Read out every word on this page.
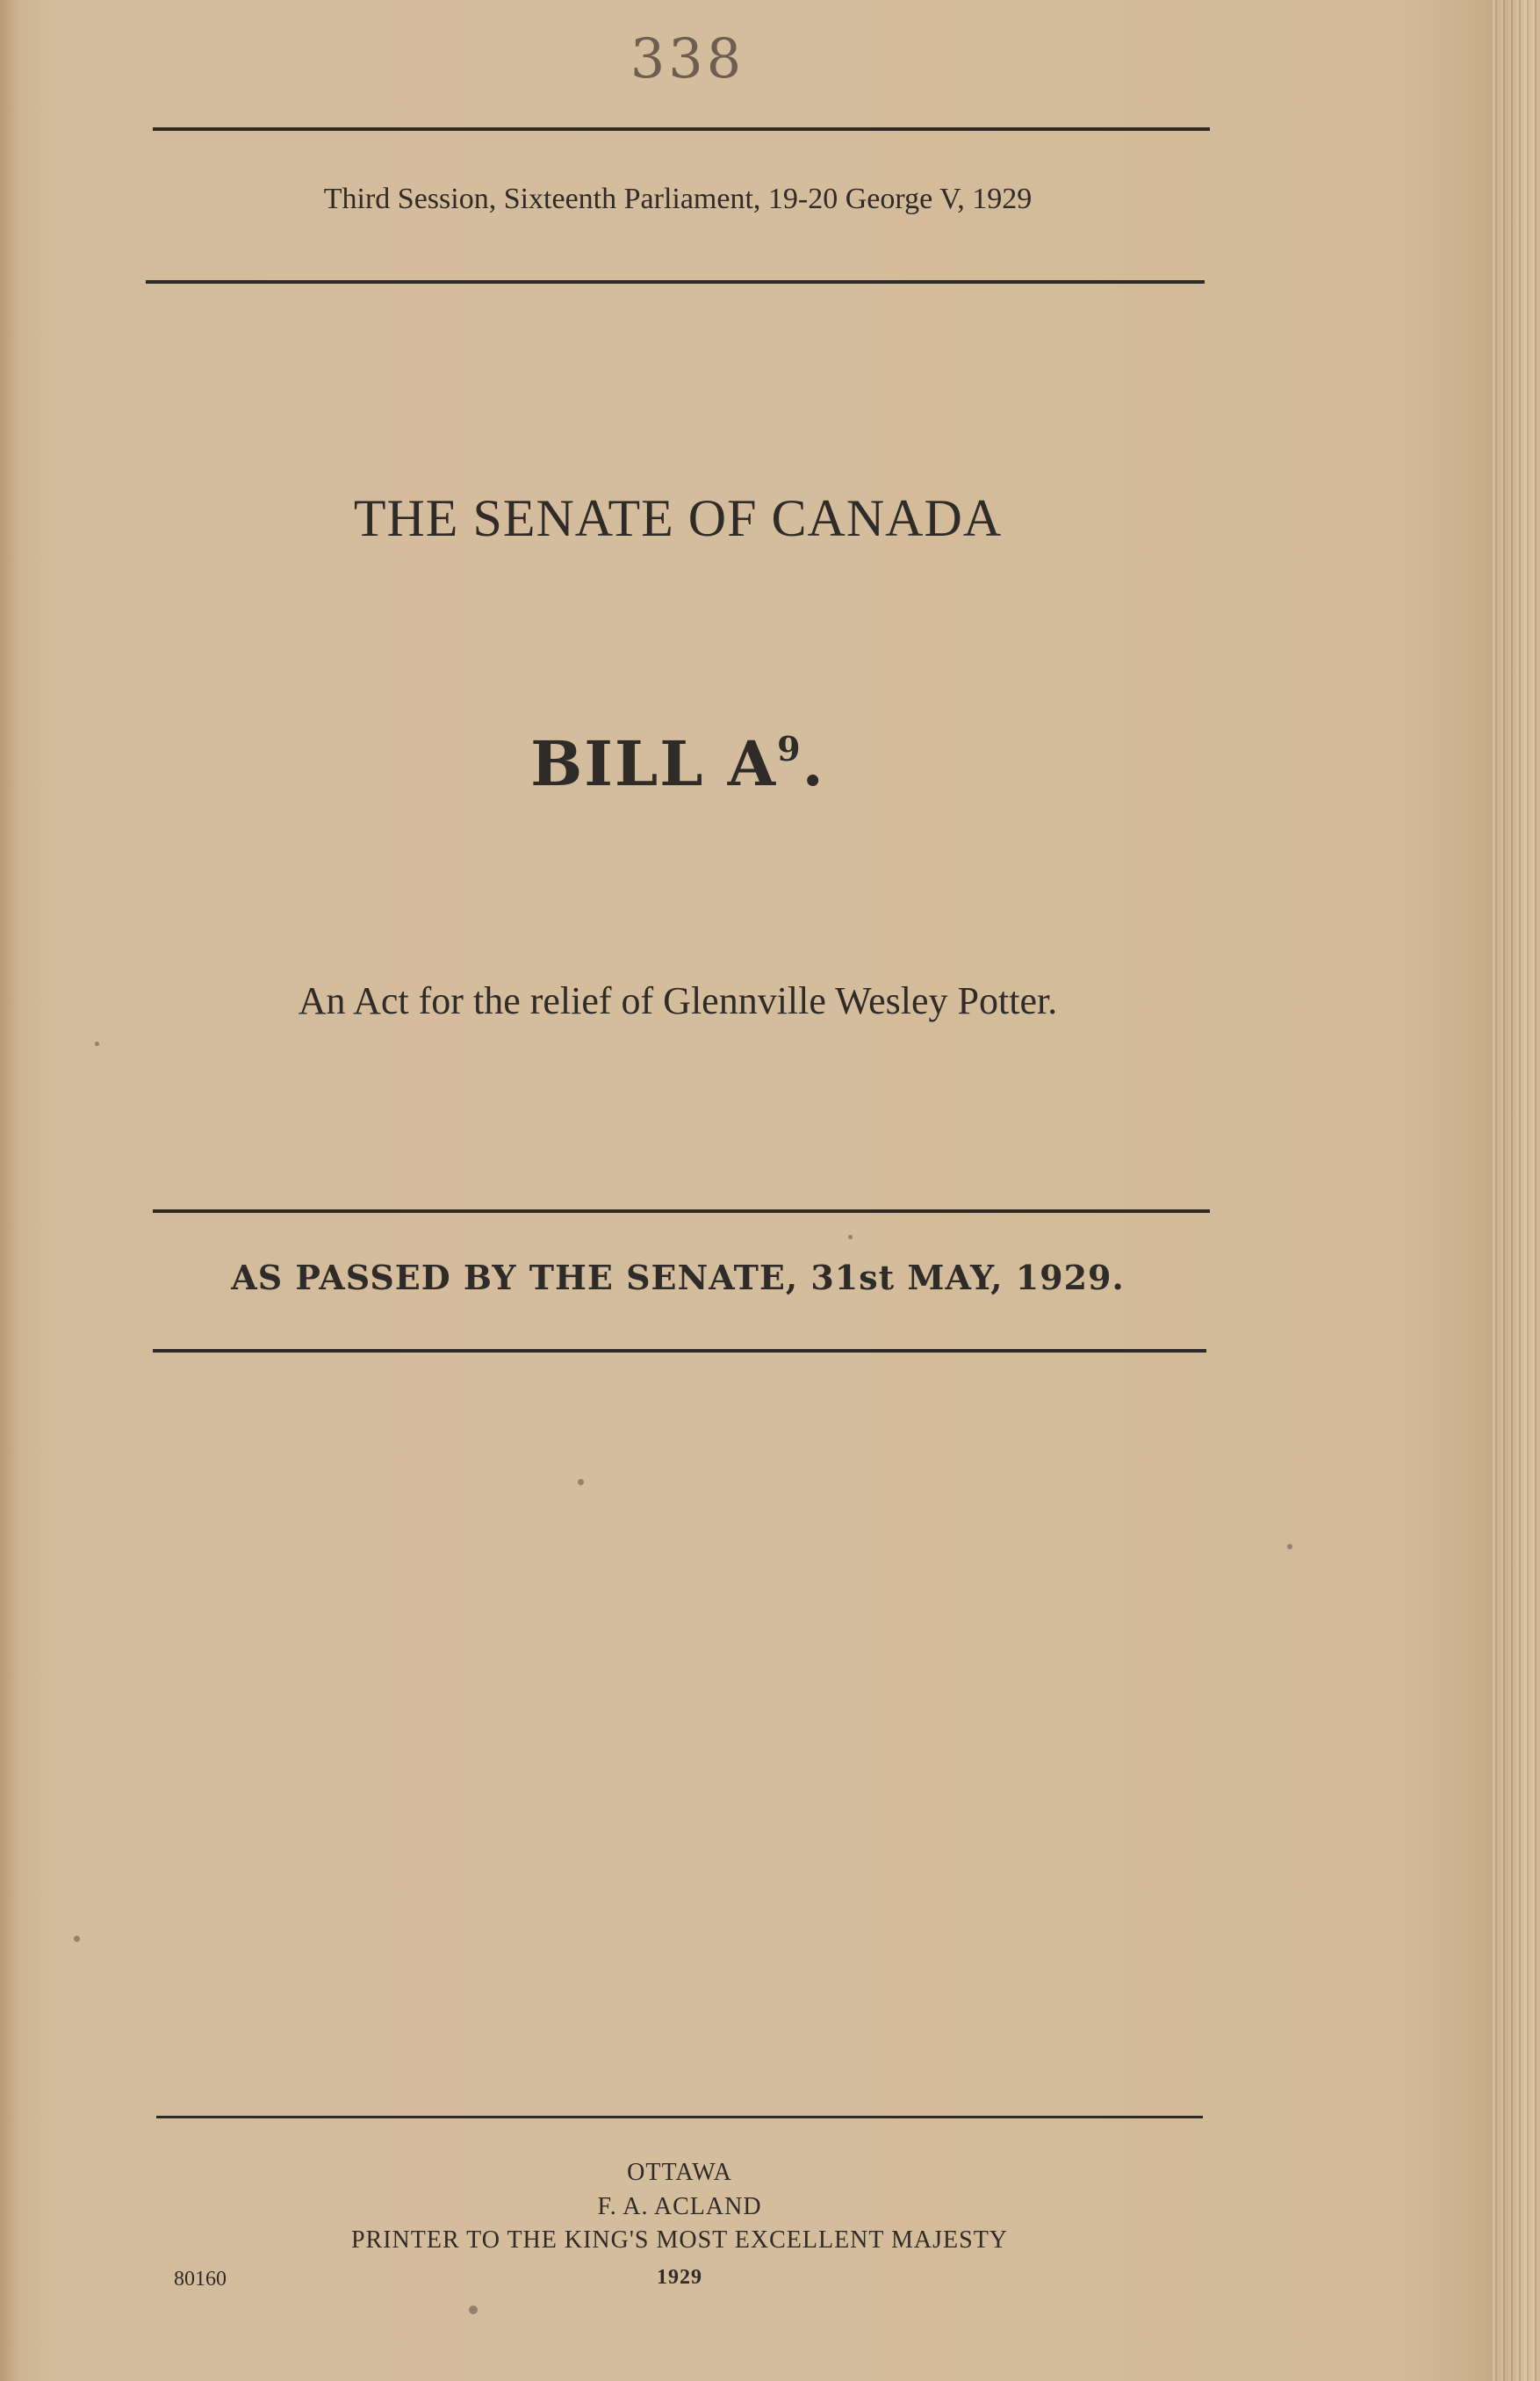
338
Third Session, Sixteenth Parliament, 19-20 George V, 1929
THE SENATE OF CANADA
BILL $A^9$.
An Act for the relief of Glennville Wesley Potter.
AS PASSED BY THE SENATE, 31st MAY, 1929.
OTTAWA
F. A. ACLAND
PRINTER TO THE KING'S MOST EXCELLENT MAJESTY
1929
80160
